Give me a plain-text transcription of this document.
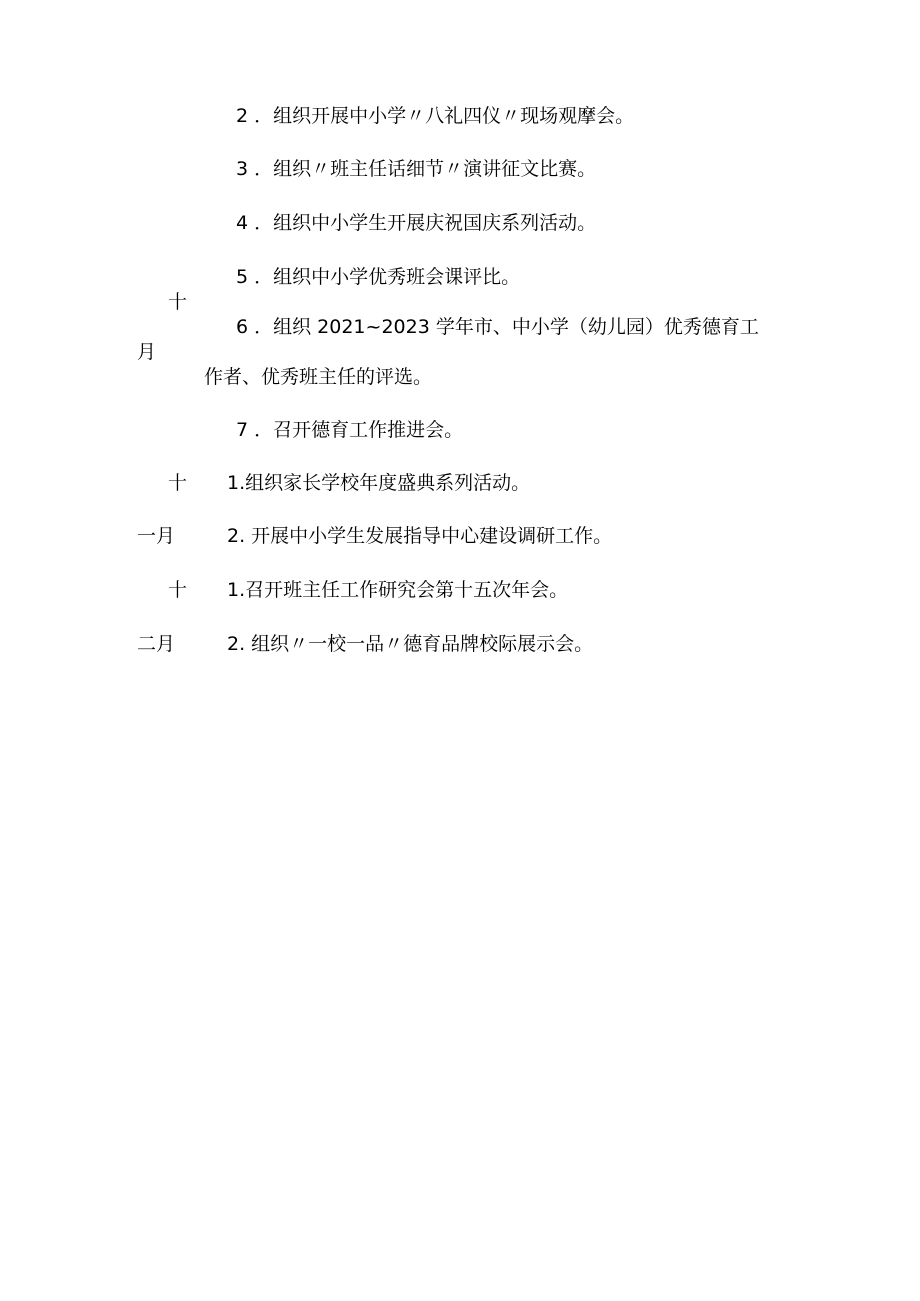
2 ．组织开展中小学〃八礼四仪〃现场观摩会。
3 ．组织〃班主任话细节〃演讲征文比赛。
4 ．组织中小学生开展庆祝国庆系列活动。
5 ．组织中小学优秀班会课评比。
十
6 ．组织 2021~2023 学年市、中小学（幼儿园）优秀德育工
月
作者、优秀班主任的评选。
7 ．召开德育工作推进会。
十 1.组织家长学校年度盛典系列活动。
一月	2. 开展中小学生发展指导中心建设调研工作。
十 1.召开班主任工作研究会第十五次年会。
二月	2. 组织〃一校一品〃德育品牌校际展示会。
